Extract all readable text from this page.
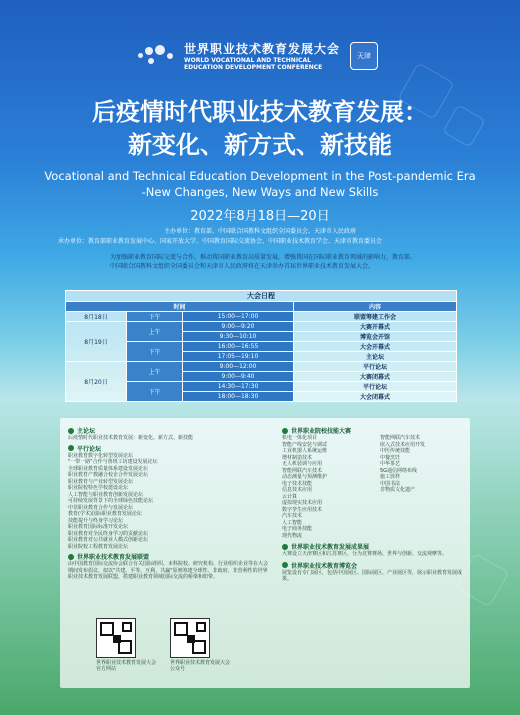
世界职业技术教育发展大会
WORLD VOCATIONAL AND TECHNICAL
EDUCATION DEVELOPMENT CONFERENCE
天津
后疫情时代职业技术教育发展：
新变化、新方式、新技能
Vocational and Technical Education Development in the Post-pandemic Era
-New Changes, New Ways and New Skills
2022年8月18日—20日
主办单位：教育部、中国联合国教科文组织全国委员会、天津市人民政府
承办单位：教育部职业教育发展中心、国家开放大学、中国教育国际交流协会、中国职业技术教育学会、天津市教育委员会
为加强职业教育国际交流与合作，推动我国职业教育高质量发展，增强我国在国际职业教育领域的影响力，教育部、中国联合国教科文组织全国委员会和天津市人民政府将在天津举办首届世界职业技术教育发展大会。
大会日程			
时间			内容
8月18日	下午	15:00—17:00	联盟筹建工作会
8月19日	上午	9:00—9:20	大赛开幕式
		9:30—10:10	博览会开馆
	下午	16:00—16:55	大会开幕式
		17:05—19:10	主论坛
8月20日	上午	9:00—12:00	平行论坛
		9:00—9:40	大赛闭幕式
	下午	14:30—17:30	平行论坛
		18:00—18:30	大会闭幕式
主论坛
后疫情时代职业技术教育发展：新变化、新方式、新技能
平行论坛
职业教育数字化转型发展论坛
"一带一路"合作与鲁班工坊建设发展论坛
全球职业教育质量体系建设发展论坛
职业教育产教融合校企合作发展论坛
职业教育与产业转型发展论坛
职业院校特色学校建设论坛
人工智能与职业教育创新发展论坛
可持续发展背景下的全球绿色技能论坛
中非职业教育合作与发展论坛
教育(学术)国际职业教育发展论坛
技能提升与终身学习论坛
职业教育国际标准开发论坛
职业教育对全民终身学习的贡献论坛
职业教育对公共就业人模式创新论坛
职业院校工程教育发展论坛
世界职业技术教育发展联盟
由中国教育国际交流协会联合有关国际组织、本科院校、研究机构、行业组织企业等在大会期间发布倡议，拟以"共建、平等、互利、共赢"原则筹建全球性、非政府、非营利性的世界职业技术教育发展联盟，搭建职业教育领域国际交流的桥梁和纽带。
世界职业技术教育发展大会官方网站
世界职业技术教育发展大会公众号
世界职业院校技能大赛
机电一体化项目
智能产线安装与调试
工业机器人系统运维
增材制造技术
无人机装调与应用
智能网联汽车技术
动态测量与预测维护
电子技术技能
信息技术应用
云计算
虚拟现实技术应用
数字孪生应用技术
汽车技术
人工智能
电子商务技能
现代物流
智能网联汽车技术
嵌入式技术应用开发
中医传统技能
中餐烹饪
中华茶艺
5G通信网络布线
施工放样
中国书法
非物质文化遗产
世界职业技术教育发展成果展
大赛设立天津赛区和江苏赛区，分为竞赛赛场、世界与创新、交流观摩等。
世界职业技术教育博览会
展览设有专门展区，包括中国展区、国际展区、产业展区等，展示职业教育发展成果。
